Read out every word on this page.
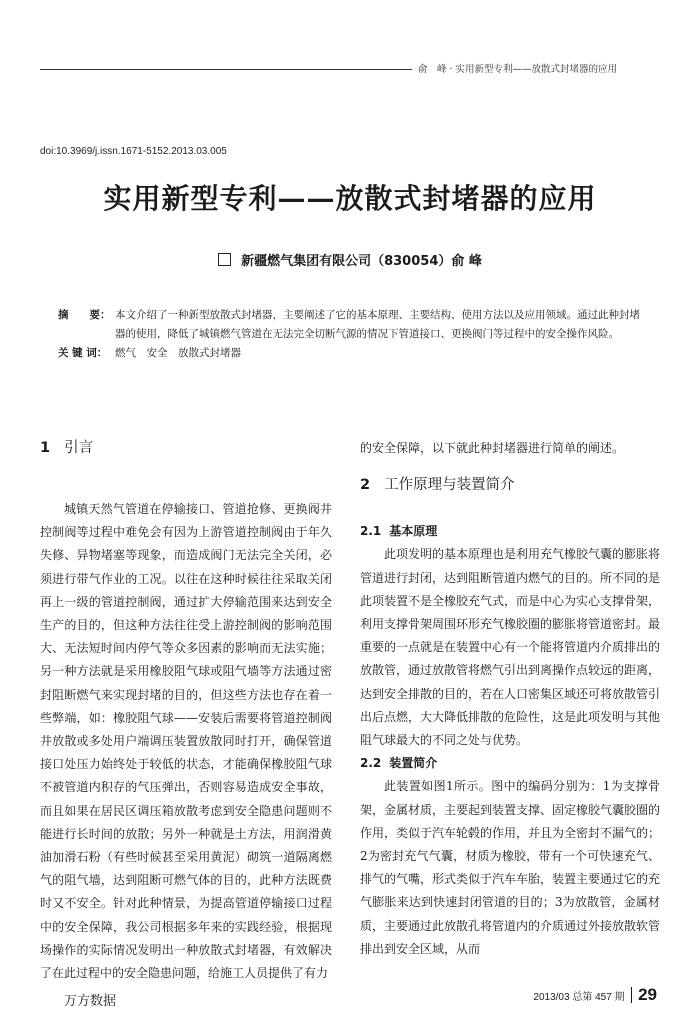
俞　峰 · 实用新型专利——放散式封堵器的应用
doi:10.3969/j.issn.1671-5152.2013.03.005
实用新型专利——放散式封堵器的应用
新疆燃气集团有限公司（830054）俞 峰
摘　　要： 本文介绍了一种新型放散式封堵器，主要阐述了它的基本原理、主要结构、使用方法以及应用领域。通过此种封堵器的使用，降低了城镇燃气管道在无法完全切断气源的情况下管道接口、更换阀门等过程中的安全操作风险。

关 键 词： 燃气　安全　放散式封堵器

1 引言

城镇天然气管道在停输接口、管道抢修、更换阀井控制阀等过程中难免会有因为上游管道控制阀由于年久失修、异物堵塞等现象，而造成阀门无法完全关闭，必须进行带气作业的工况。以往在这种时候往往采取关闭再上一级的管道控制阀，通过扩大停输范围来达到安全生产的目的，但这种方法往往受上游控制阀的影响范围大、无法短时间内停气等众多因素的影响而无法实施；另一种方法就是采用橡胶阻气球或阻气墙等方法通过密封阻断燃气来实现封堵的目的，但这些方法也存在着一些弊端，如：橡胶阻气球——安装后需要将管道控制阀井放散或多处用户端调压装置放散同时打开，确保管道接口处压力始终处于较低的状态，才能确保橡胶阻气球不被管道内积存的气压弹出，否则容易造成安全事故，而且如果在居民区调压箱放散考虑到安全隐患问题则不能进行长时间的放散；另外一种就是土方法，用润滑黄油加滑石粉（有些时候甚至采用黄泥）砌筑一道隔离燃气的阻气墙，达到阻断可燃气体的目的，此种方法既费时又不安全。针对此种情景，为提高管道停输接口过程中的安全保障，我公司根据多年来的实践经验，根据现场操作的实际情况发明出一种放散式封堵器，有效解决了在此过程中的安全隐患问题，给施工人员提供了有力

的安全保障，以下就此种封堵器进行简单的阐述。

2 工作原理与装置简介
2.1 基本原理

此项发明的基本原理也是利用充气橡胶气囊的膨胀将管道进行封闭，达到阻断管道内燃气的目的。所不同的是此项装置不是全橡胶充气式，而是中心为实心支撑骨架，利用支撑骨架周围环形充气橡胶圈的膨胀将管道密封。最重要的一点就是在装置中心有一个能将管道内介质排出的放散管，通过放散管将燃气引出到离操作点较远的距离，达到安全排散的目的，若在人口密集区域还可将放散管引出后点燃，大大降低排散的危险性，这是此项发明与其他阻气球最大的不同之处与优势。

2.2 装置简介

此装置如图1所示。图中的编码分别为：1为支撑骨架，金属材质，主要起到装置支撑、固定橡胶气囊胶圈的作用，类似于汽车轮毂的作用，并且为全密封不漏气的；2为密封充气气囊，材质为橡胶，带有一个可快速充气、排气的气嘴，形式类似于汽车车胎，装置主要通过它的充气膨胀来达到快速封闭管道的目的；3为放散管，金属材质，主要通过此放散孔将管道内的介质通过外接放散软管排出到安全区域，从而

万方数据	2013/03 总第 457 期 29
